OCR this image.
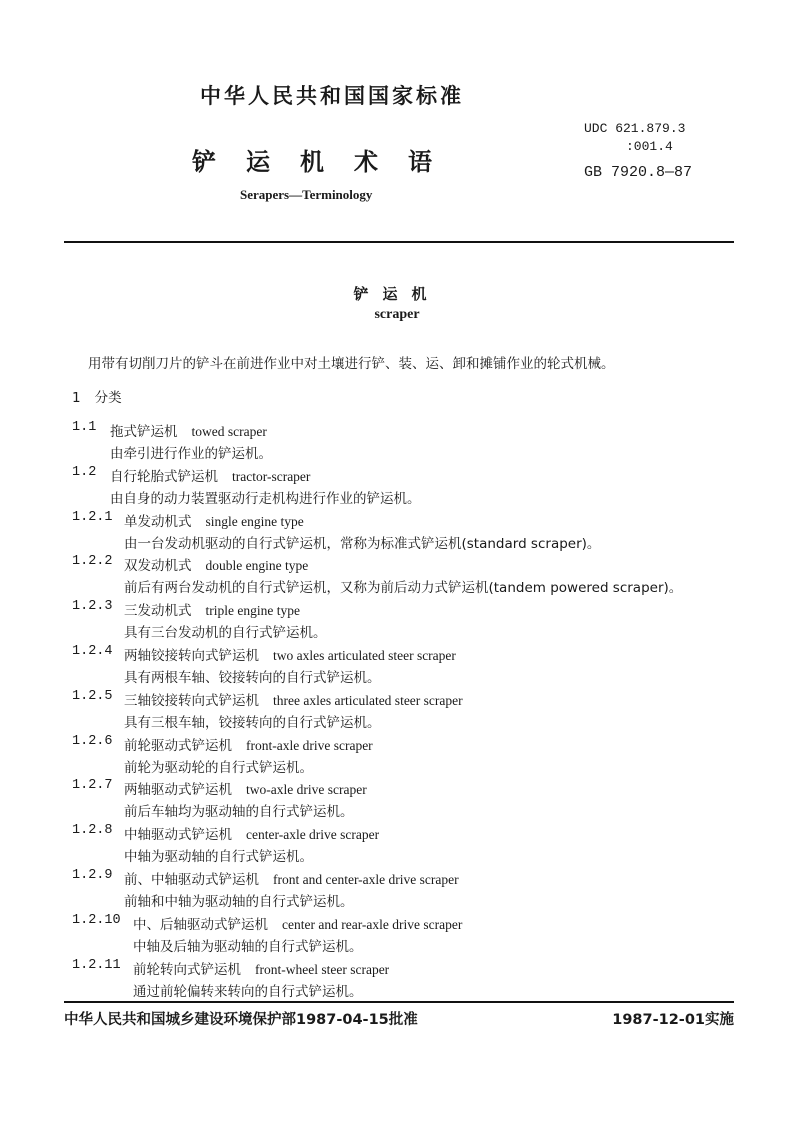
中华人民共和国国家标准
铲运机术语
Serapers—Terminology
UDC 621.879.3
:001.4
GB 7920.8—87
铲运机
scraper
用带有切削刀片的铲斗在前进作业中对土壤进行铲、装、运、卸和摊铺作业的轮式机械。
1 分类
1.1 拖式铲运机 towed scraper
由牵引进行作业的铲运机。
1.2 自行轮胎式铲运机 tractor-scraper
由自身的动力装置驱动行走机构进行作业的铲运机。
1.2.1 单发动机式 single engine type
由一台发动机驱动的自行式铲运机，常称为标准式铲运机(standard scraper)。
1.2.2 双发动机式 double engine type
前后有两台发动机的自行式铲运机，又称为前后动力式铲运机(tandem powered scraper)。
1.2.3 三发动机式 triple engine type
具有三台发动机的自行式铲运机。
1.2.4 两轴铰接转向式铲运机 two axles articulated steer scraper
具有两根车轴、铰接转向的自行式铲运机。
1.2.5 三轴铰接转向式铲运机 three axles articulated steer scraper
具有三根车轴，铰接转向的自行式铲运机。
1.2.6 前轮驱动式铲运机 front-axle drive scraper
前轮为驱动轮的自行式铲运机。
1.2.7 两轴驱动式铲运机 two-axle drive scraper
前后车轴均为驱动轴的自行式铲运机。
1.2.8 中轴驱动式铲运机 center-axle drive scraper
中轴为驱动轴的自行式铲运机。
1.2.9 前、中轴驱动式铲运机 front and center-axle drive scraper
前轴和中轴为驱动轴的自行式铲运机。
1.2.10 中、后轴驱动式铲运机 center and rear-axle drive scraper
中轴及后轴为驱动轴的自行式铲运机。
1.2.11 前轮转向式铲运机 front-wheel steer scraper
通过前轮偏转来转向的自行式铲运机。
中华人民共和国城乡建设环境保护部1987-04-15批准	1987-12-01实施
